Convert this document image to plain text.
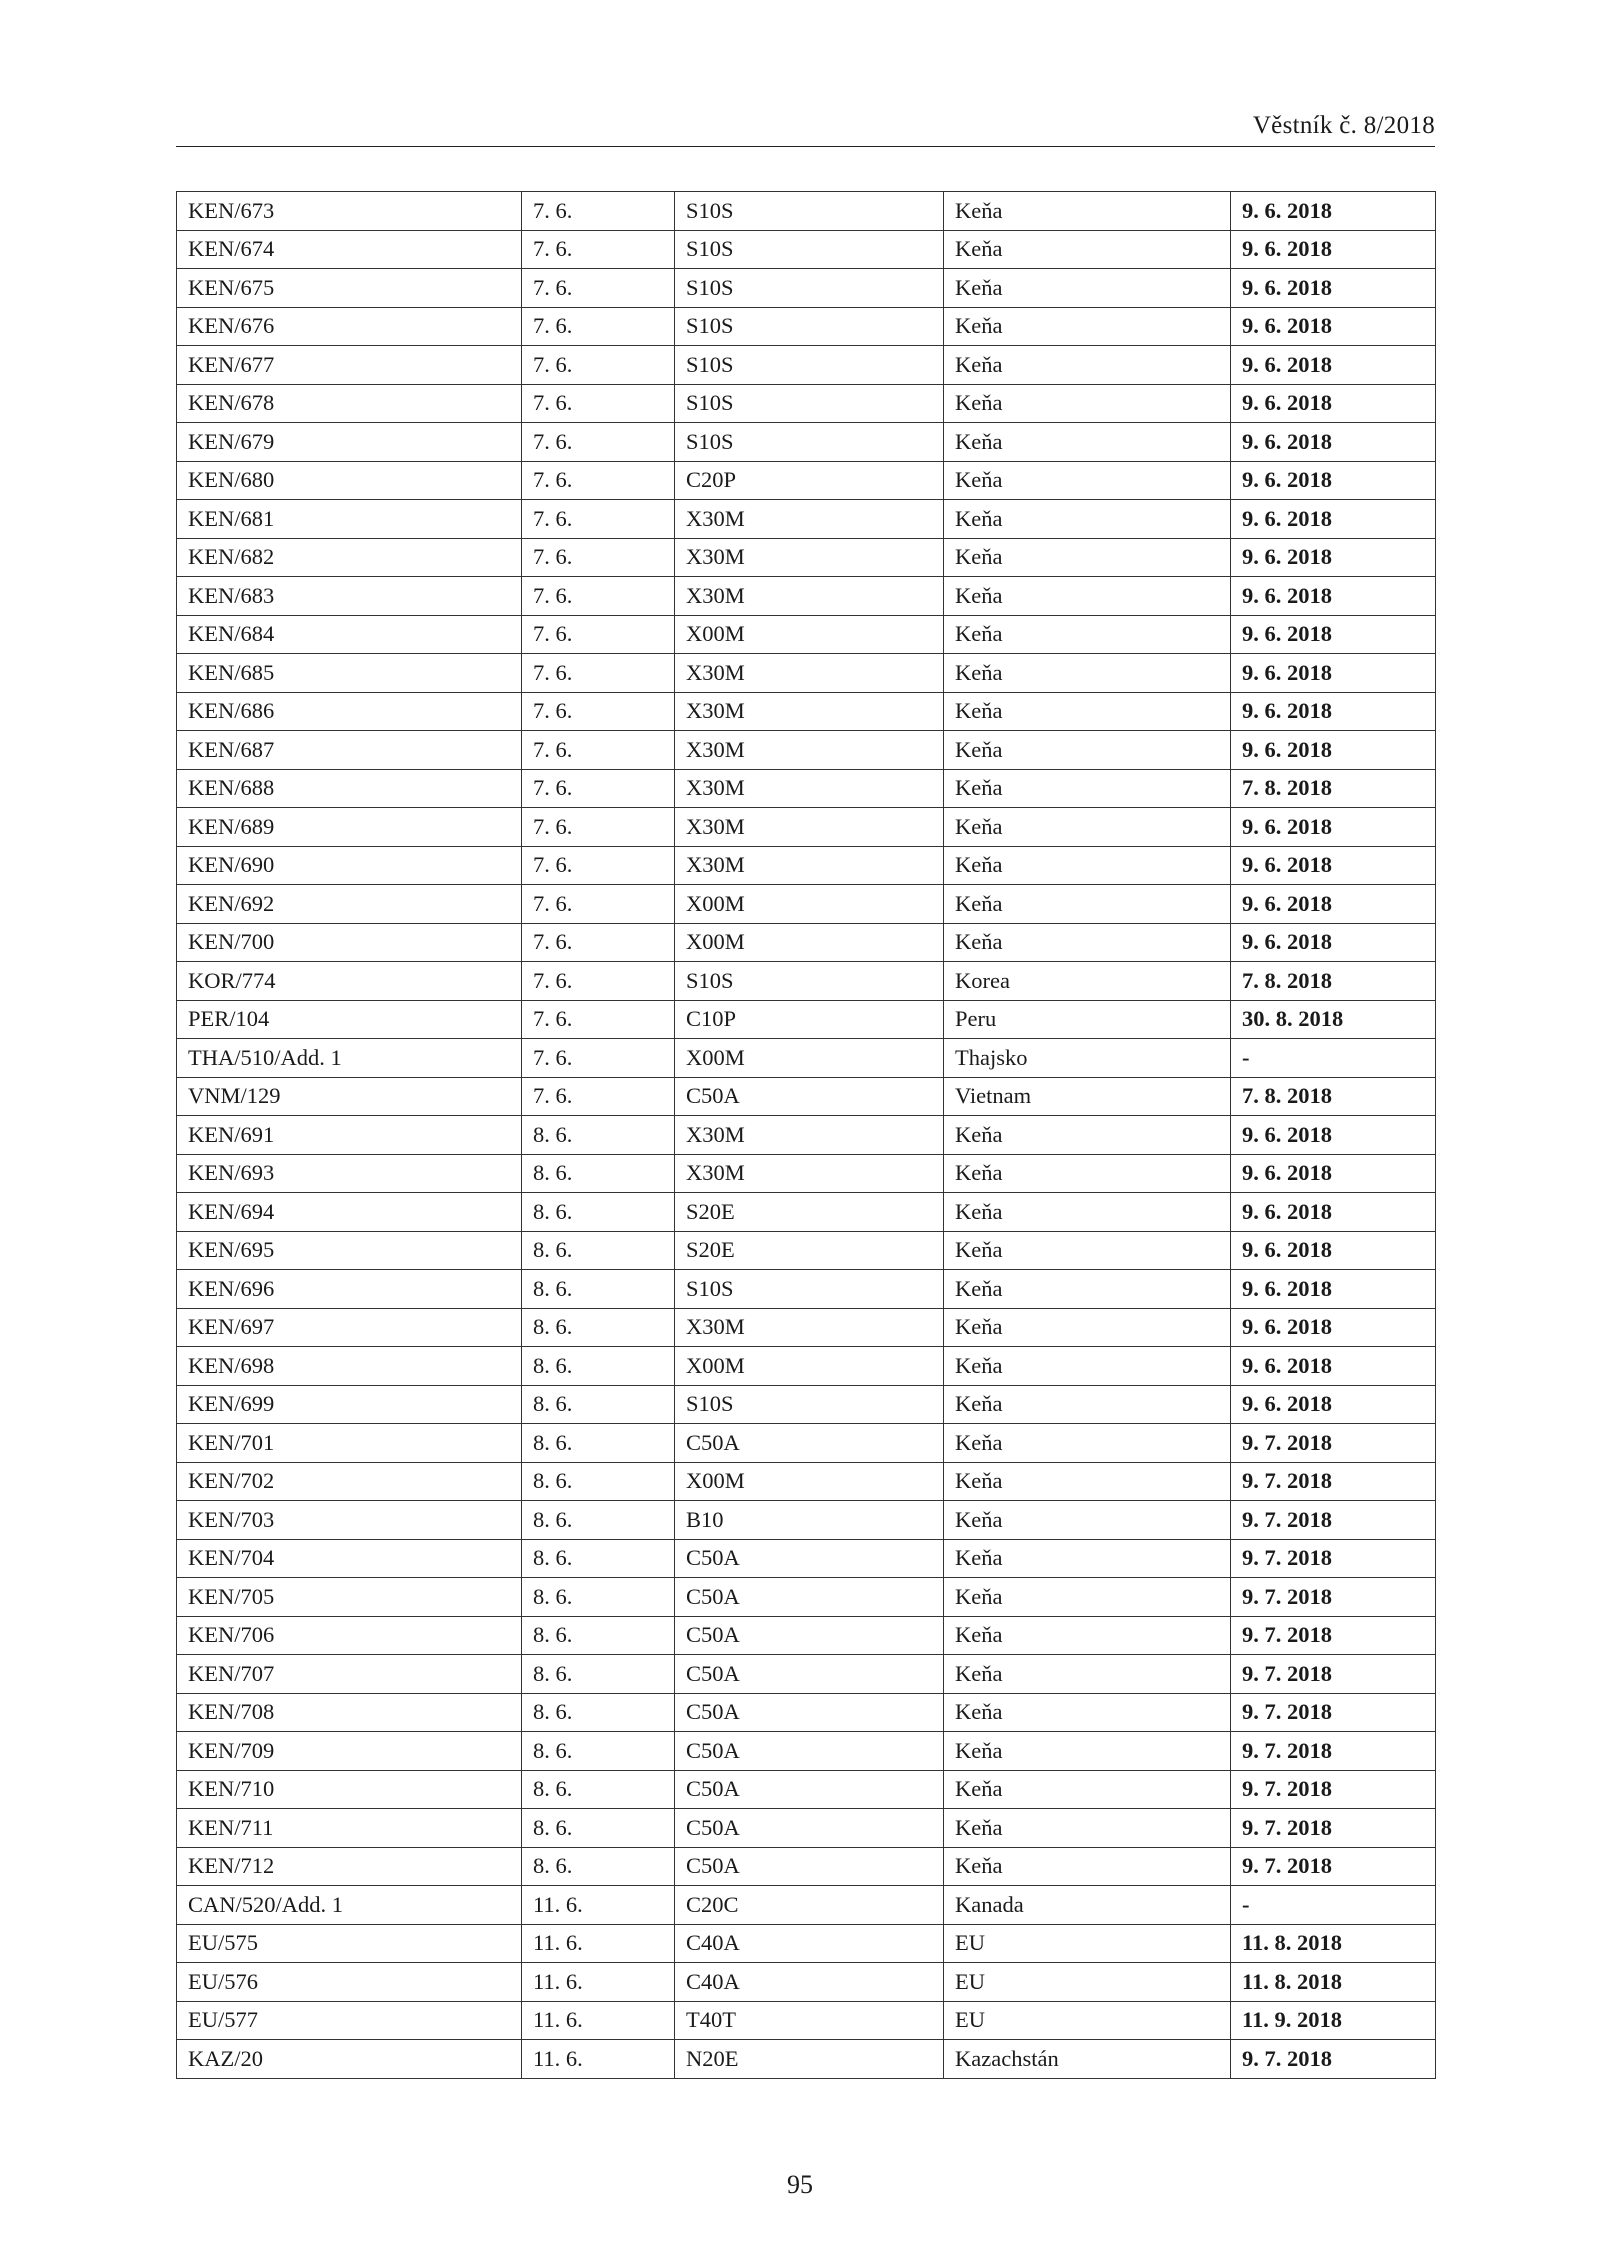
Věstník č. 8/2018
KEN/673	7. 6.	S10S	Keňa	9. 6. 2018
KEN/674	7. 6.	S10S	Keňa	9. 6. 2018
KEN/675	7. 6.	S10S	Keňa	9. 6. 2018
KEN/676	7. 6.	S10S	Keňa	9. 6. 2018
KEN/677	7. 6.	S10S	Keňa	9. 6. 2018
KEN/678	7. 6.	S10S	Keňa	9. 6. 2018
KEN/679	7. 6.	S10S	Keňa	9. 6. 2018
KEN/680	7. 6.	C20P	Keňa	9. 6. 2018
KEN/681	7. 6.	X30M	Keňa	9. 6. 2018
KEN/682	7. 6.	X30M	Keňa	9. 6. 2018
KEN/683	7. 6.	X30M	Keňa	9. 6. 2018
KEN/684	7. 6.	X00M	Keňa	9. 6. 2018
KEN/685	7. 6.	X30M	Keňa	9. 6. 2018
KEN/686	7. 6.	X30M	Keňa	9. 6. 2018
KEN/687	7. 6.	X30M	Keňa	9. 6. 2018
KEN/688	7. 6.	X30M	Keňa	7. 8. 2018
KEN/689	7. 6.	X30M	Keňa	9. 6. 2018
KEN/690	7. 6.	X30M	Keňa	9. 6. 2018
KEN/692	7. 6.	X00M	Keňa	9. 6. 2018
KEN/700	7. 6.	X00M	Keňa	9. 6. 2018
KOR/774	7. 6.	S10S	Korea	7. 8. 2018
PER/104	7. 6.	C10P	Peru	30. 8. 2018
THA/510/Add. 1	7. 6.	X00M	Thajsko	-
VNM/129	7. 6.	C50A	Vietnam	7. 8. 2018
KEN/691	8. 6.	X30M	Keňa	9. 6. 2018
KEN/693	8. 6.	X30M	Keňa	9. 6. 2018
KEN/694	8. 6.	S20E	Keňa	9. 6. 2018
KEN/695	8. 6.	S20E	Keňa	9. 6. 2018
KEN/696	8. 6.	S10S	Keňa	9. 6. 2018
KEN/697	8. 6.	X30M	Keňa	9. 6. 2018
KEN/698	8. 6.	X00M	Keňa	9. 6. 2018
KEN/699	8. 6.	S10S	Keňa	9. 6. 2018
KEN/701	8. 6.	C50A	Keňa	9. 7. 2018
KEN/702	8. 6.	X00M	Keňa	9. 7. 2018
KEN/703	8. 6.	B10	Keňa	9. 7. 2018
KEN/704	8. 6.	C50A	Keňa	9. 7. 2018
KEN/705	8. 6.	C50A	Keňa	9. 7. 2018
KEN/706	8. 6.	C50A	Keňa	9. 7. 2018
KEN/707	8. 6.	C50A	Keňa	9. 7. 2018
KEN/708	8. 6.	C50A	Keňa	9. 7. 2018
KEN/709	8. 6.	C50A	Keňa	9. 7. 2018
KEN/710	8. 6.	C50A	Keňa	9. 7. 2018
KEN/711	8. 6.	C50A	Keňa	9. 7. 2018
KEN/712	8. 6.	C50A	Keňa	9. 7. 2018
CAN/520/Add. 1	11. 6.	C20C	Kanada	-
EU/575	11. 6.	C40A	EU	11. 8. 2018
EU/576	11. 6.	C40A	EU	11. 8. 2018
EU/577	11. 6.	T40T	EU	11. 9. 2018
KAZ/20	11. 6.	N20E	Kazachstán	9. 7. 2018
95
